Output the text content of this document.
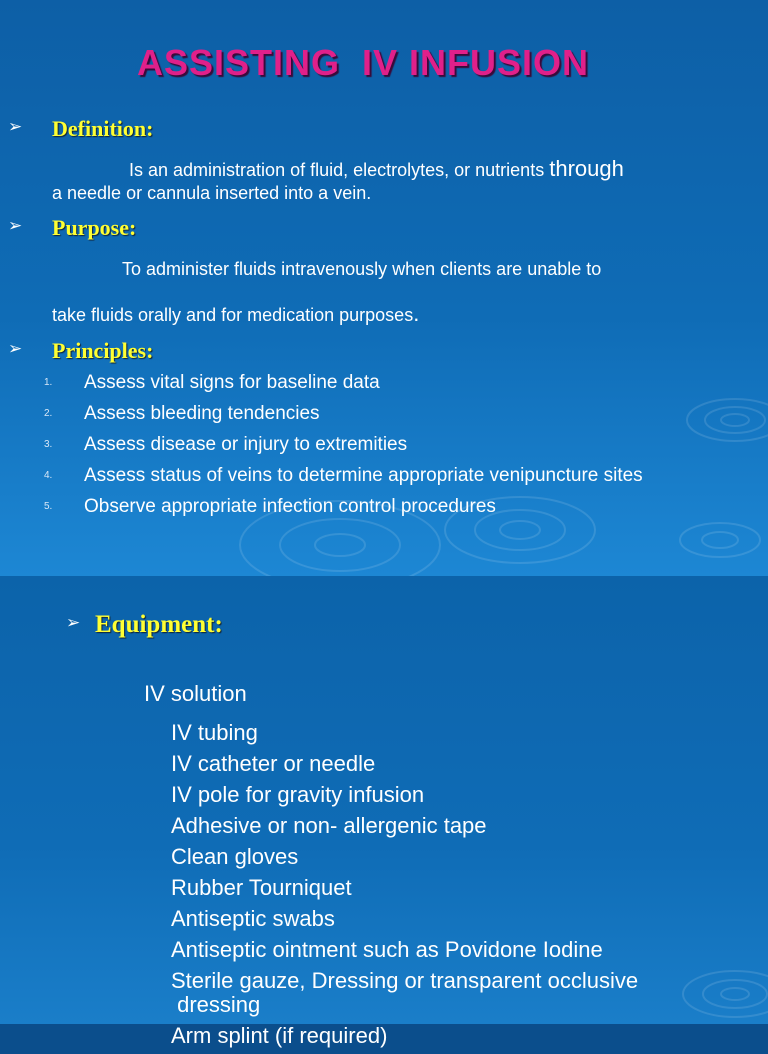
ASSISTING  IV INFUSION
➢ Definition:
Is an administration of fluid, electrolytes, or nutrients through
a needle or cannula inserted into a vein.
➢ Purpose:
To administer fluids intravenously when clients are unable to
take fluids orally and for medication purposes.
➢ Principles:
1. Assess vital signs for baseline data
2. Assess bleeding tendencies
3. Assess disease or injury to extremities
4. Assess status of veins to determine appropriate venipuncture sites
5. Observe appropriate infection control procedures
➢ Equipment:
IV solution
IV tubing
IV catheter or needle
IV pole for gravity infusion
Adhesive or non- allergenic tape
Clean gloves
Rubber Tourniquet
Antiseptic swabs
Antiseptic ointment such as Povidone Iodine
Sterile gauze, Dressing or transparent occlusive
dressing
Arm splint (if required)
